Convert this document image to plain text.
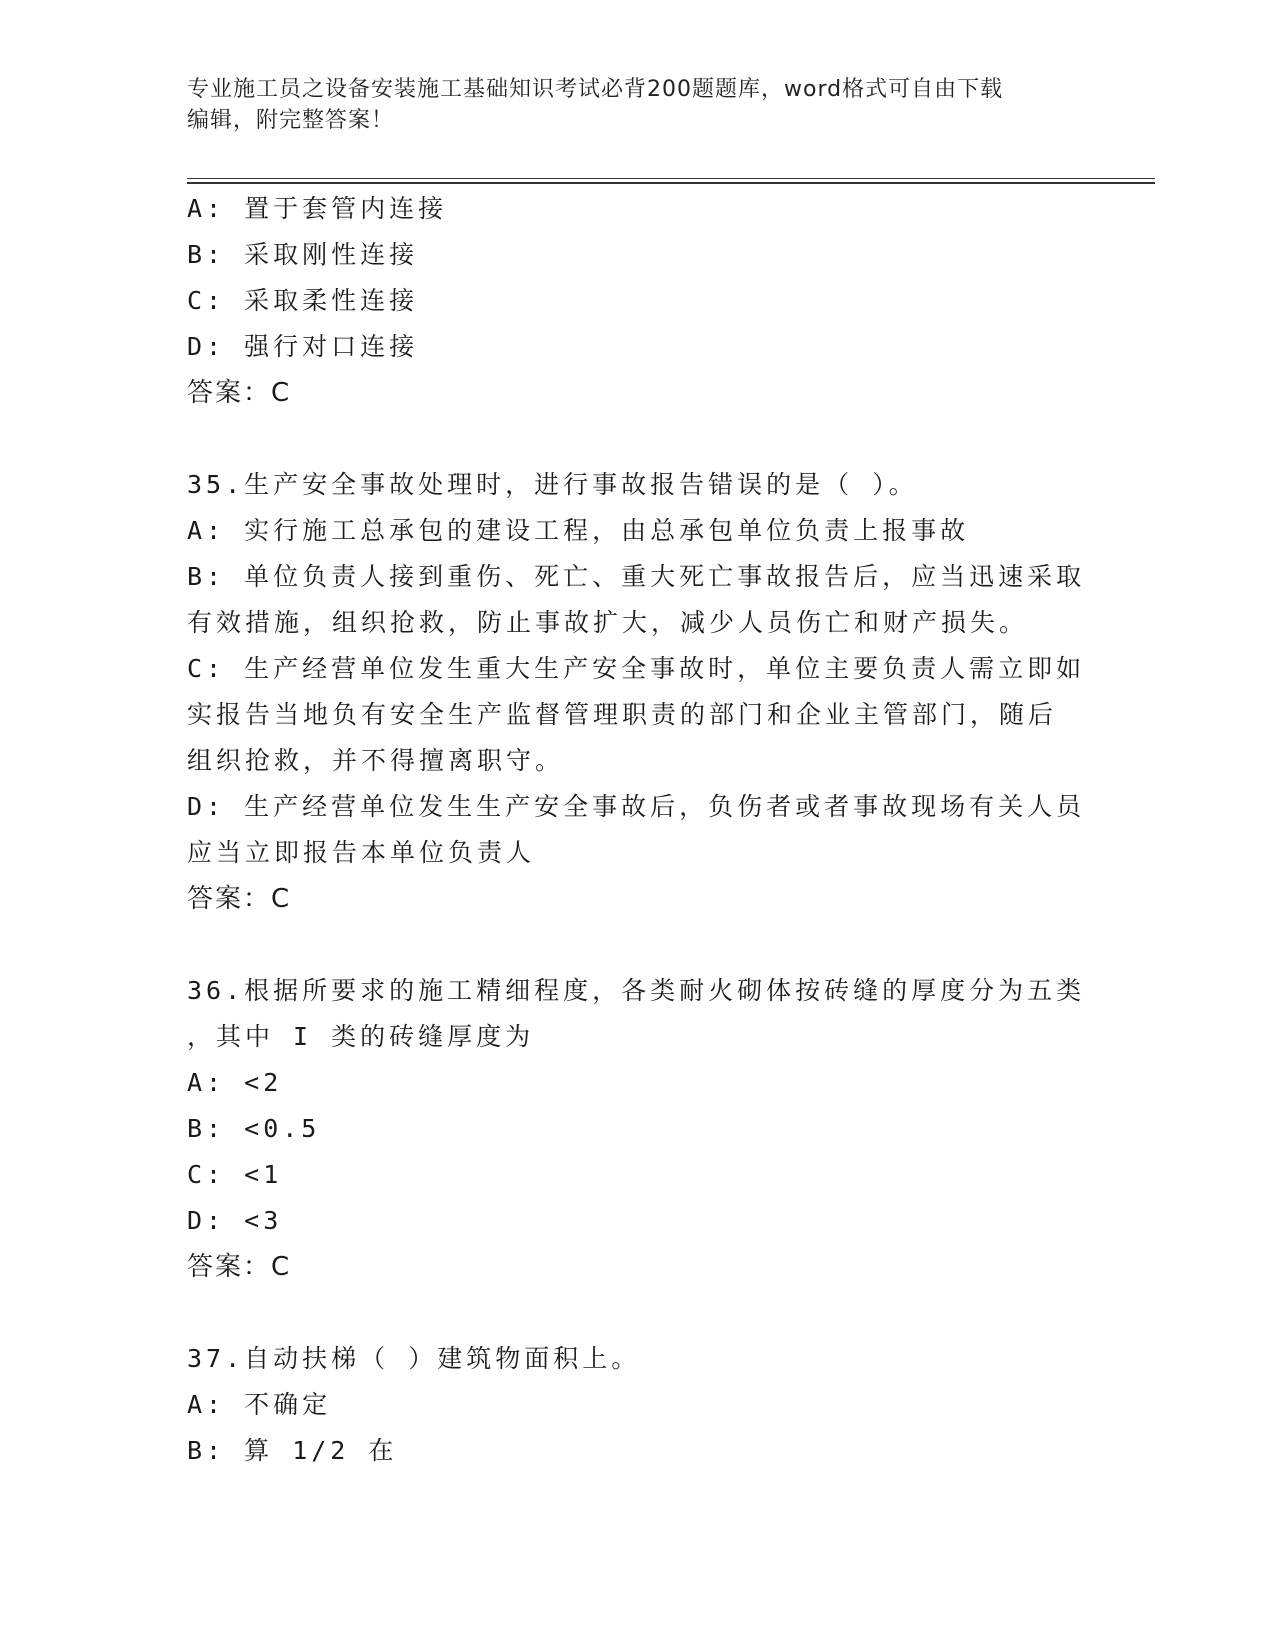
专业施工员之设备安装施工基础知识考试必背200题题库，word格式可自由下载
编辑，附完整答案！
A: 置于套管内连接
B: 采取刚性连接
C: 采取柔性连接
D: 强行对口连接
答案：C
35.生产安全事故处理时，进行事故报告错误的是（ ）。
A: 实行施工总承包的建设工程，由总承包单位负责上报事故
B: 单位负责人接到重伤、死亡、重大死亡事故报告后，应当迅速采取
有效措施，组织抢救，防止事故扩大，减少人员伤亡和财产损失。
C: 生产经营单位发生重大生产安全事故时，单位主要负责人需立即如
实报告当地负有安全生产监督管理职责的部门和企业主管部门，随后
组织抢救，并不得擅离职守。
D: 生产经营单位发生生产安全事故后，负伤者或者事故现场有关人员
应当立即报告本单位负责人
答案：C
36.根据所要求的施工精细程度，各类耐火砌体按砖缝的厚度分为五类
，其中 I 类的砖缝厚度为
A: <2
B: <0.5
C: <1
D: <3
答案：C
37.自动扶梯（ ）建筑物面积上。
A: 不确定
B: 算 1/2 在
